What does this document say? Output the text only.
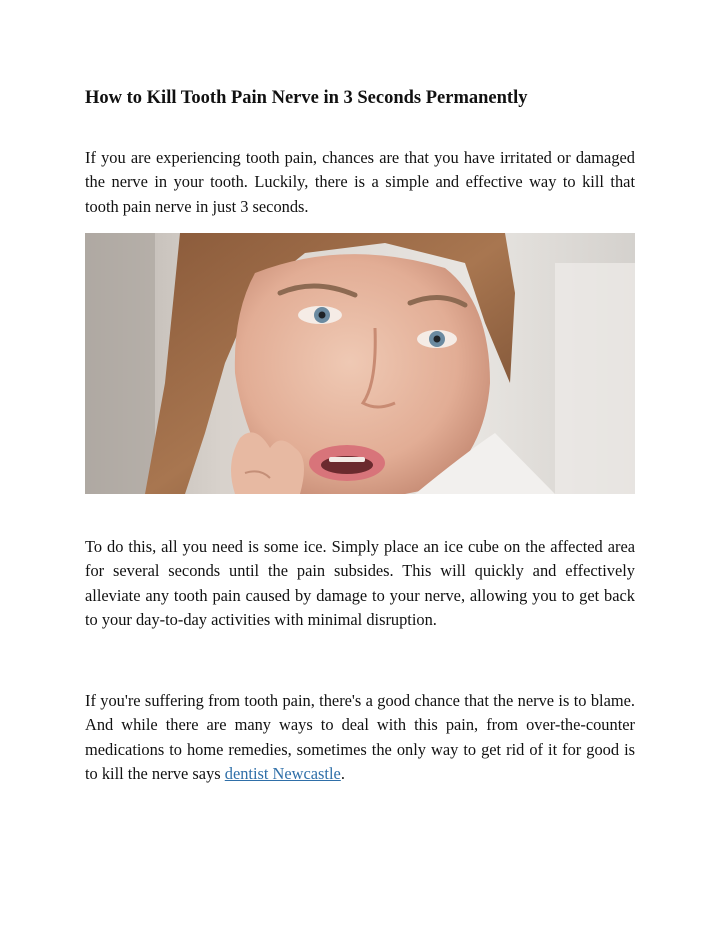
How to Kill Tooth Pain Nerve in 3 Seconds Permanently

If you are experiencing tooth pain, chances are that you have irritated or damaged the nerve in your tooth. Luckily, there is a simple and effective way to kill that tooth pain nerve in just 3 seconds.

To do this, all you need is some ice. Simply place an ice cube on the affected area for several seconds until the pain subsides. This will quickly and effectively alleviate any tooth pain caused by damage to your nerve, allowing you to get back to your day-to-day activities with minimal disruption.

If you're suffering from tooth pain, there's a good chance that the nerve is to blame. And while there are many ways to deal with this pain, from over-the-counter medications to home remedies, sometimes the only way to get rid of it for good is to kill the nerve says dentist Newcastle.
